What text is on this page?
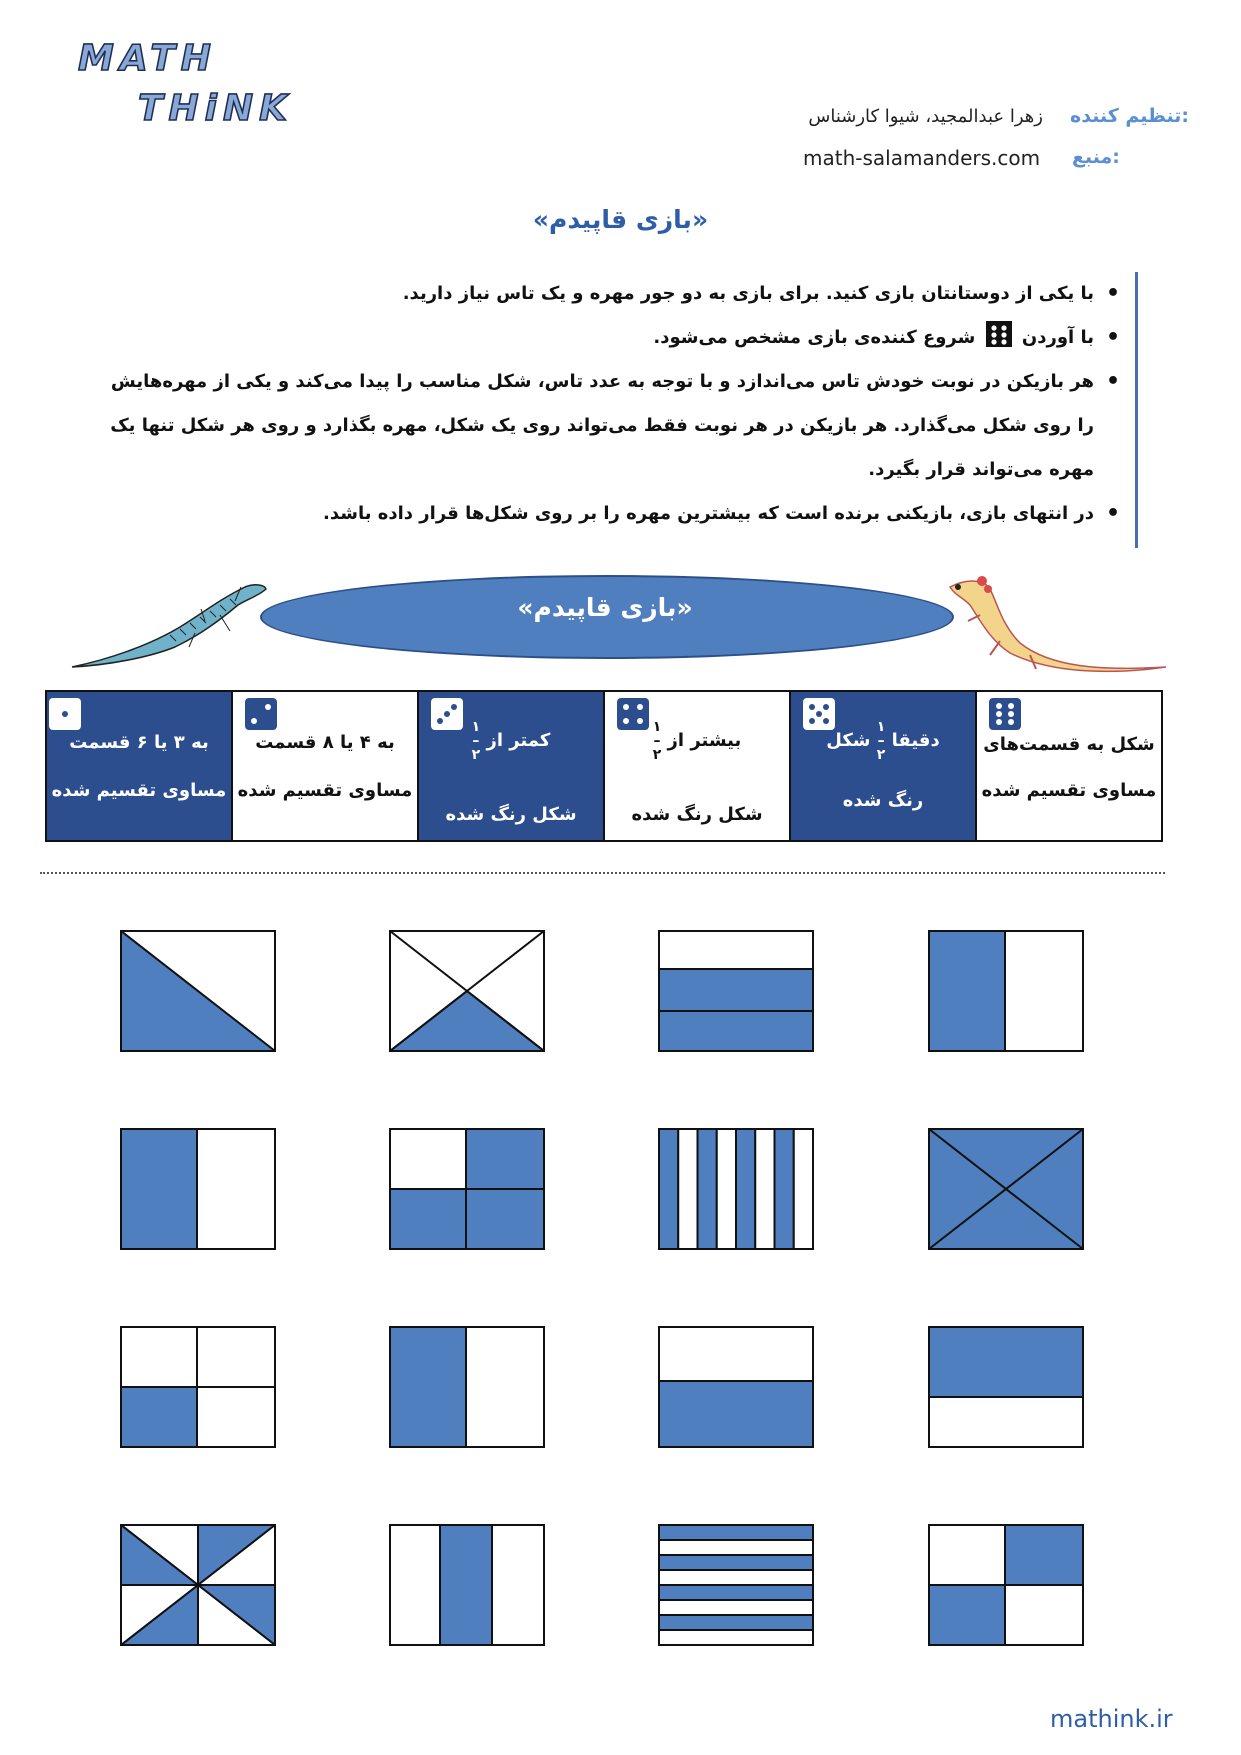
MATH
THiNK	تنظیم کننده:
زهرا عبدالمجید، شیوا کارشناس
منبع:
math-salamanders.com
«بازی قاپیدم»
• با یکی از دوستانتان بازی کنید. برای بازی به دو جور مهره و یک تاس نیاز دارید.
• با آوردن  شروع کننده‌ی بازی مشخص می‌شود.
• هر بازیکن در نوبت خودش تاس می‌اندازد و با توجه به عدد تاس، شکل مناسب را پیدا می‌کند و یکی از مهره‌هایش را روی شکل می‌گذارد. هر بازیکن در هر نوبت فقط می‌تواند روی یک شکل، مهره بگذارد و روی هر شکل تنها یک مهره می‌تواند قرار بگیرد.
• در انتهای بازی، بازیکنی برنده است که بیشترین مهره را بر روی شکل‌ها قرار داده باشد.
«بازی قاپیدم»
شکل به قسمت‌های
مساوی تقسیم شده
دقیقا ۱
–
۲ شکل
رنگ شده
بیشتر از ۱
–
۲
شکل رنگ شده
کمتر از ۱
–
۲
شکل رنگ شده
به ۴ یا ۸ قسمت
مساوی تقسیم شده
به ۳ یا ۶ قسمت
مساوی تقسیم شده
mathink.ir
